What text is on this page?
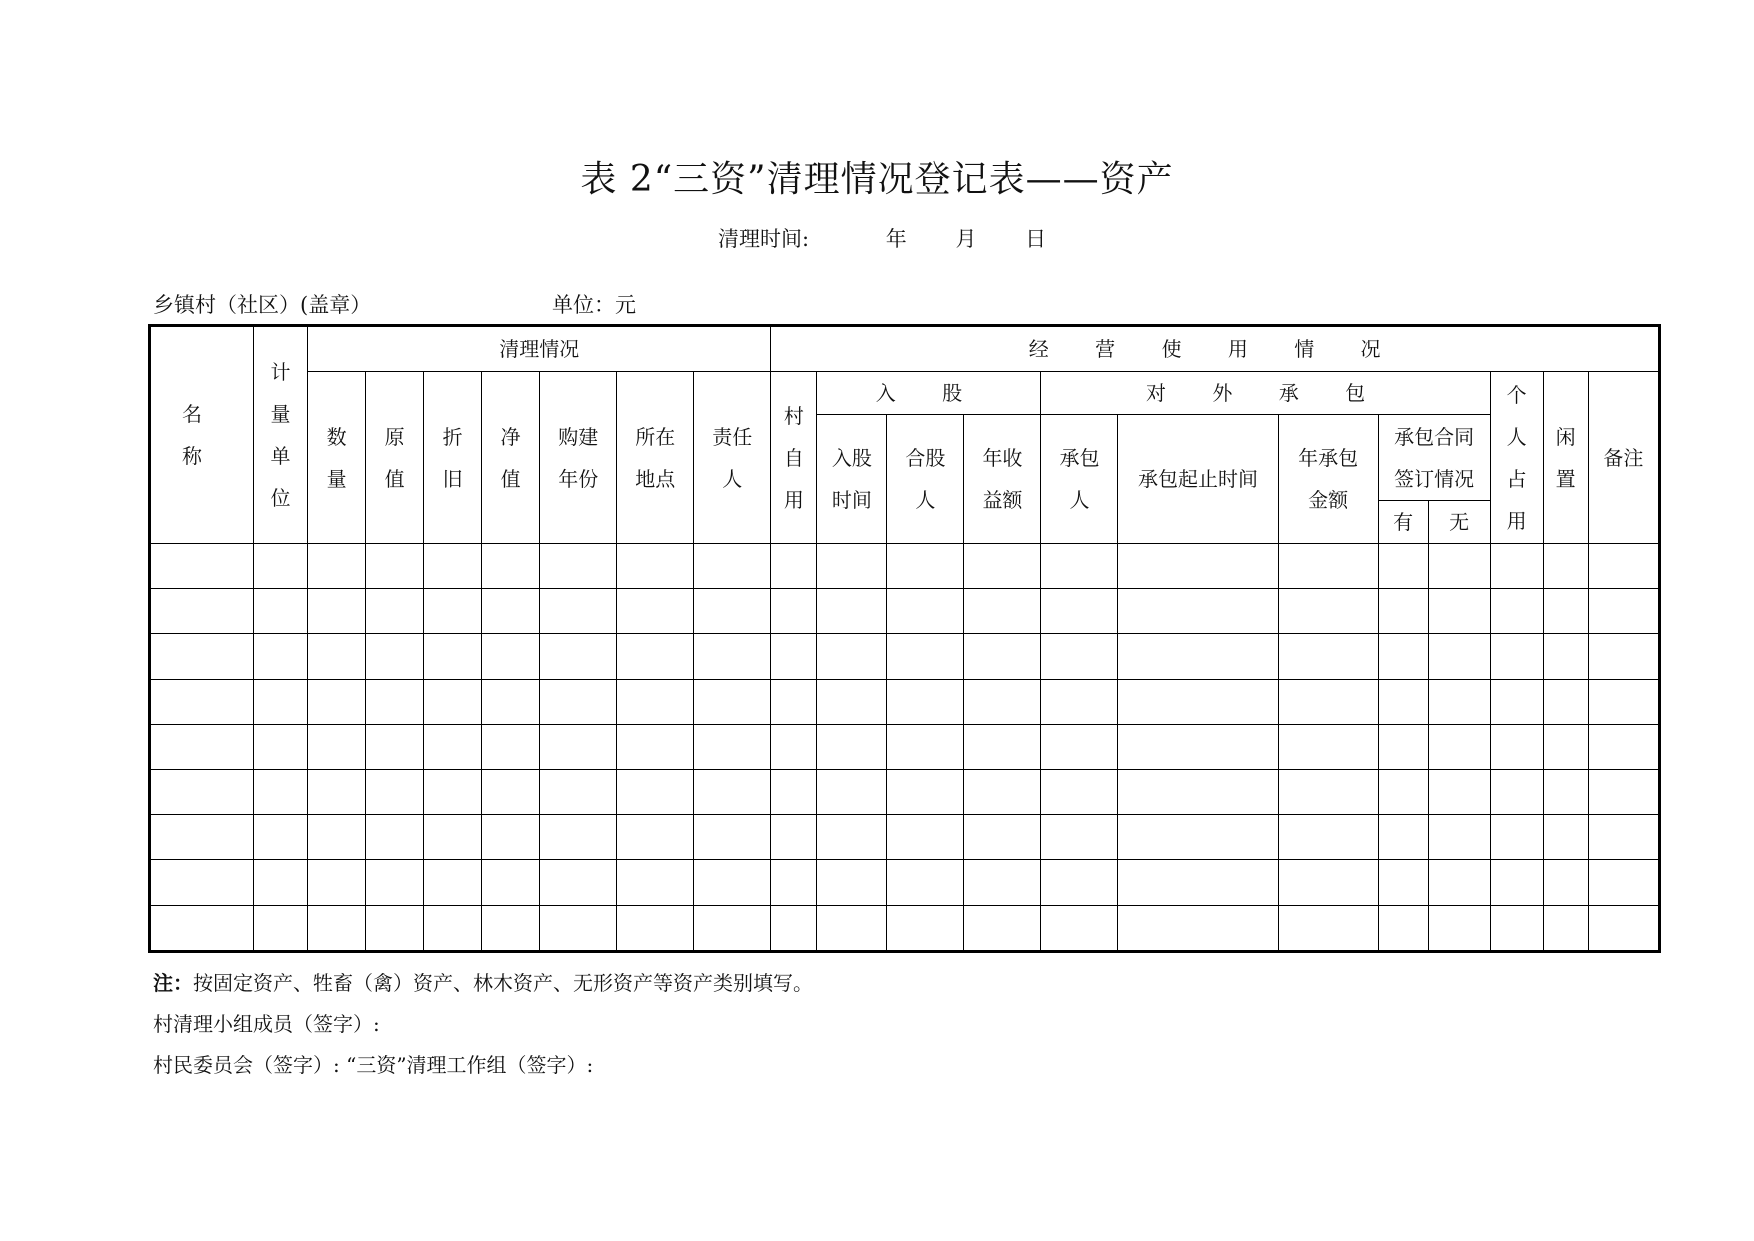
表 2“三资”清理情况登记表——资产
清理时间:	年 月 日
乡镇村（社区）(盖章）	单位：元
名 称	计量单位	清理情况							经 营 使 用 情 况											

		数量	原值	折旧	净值	购建年份	所在地点	责任人	村自用	入 股			对 外 承 包					个人占用	闲置	备注

										入股时间	合股人	年收益额	承包人	承包起止时间	年承包金额	承包合同签订情况				

																有	无			

注：按固定资产、牲畜（禽）资产、林木资产、无形资产等资产类别填写。
村清理小组成员（签字）:
村民委员会（签字）: “三资”清理工作组（签字）:
